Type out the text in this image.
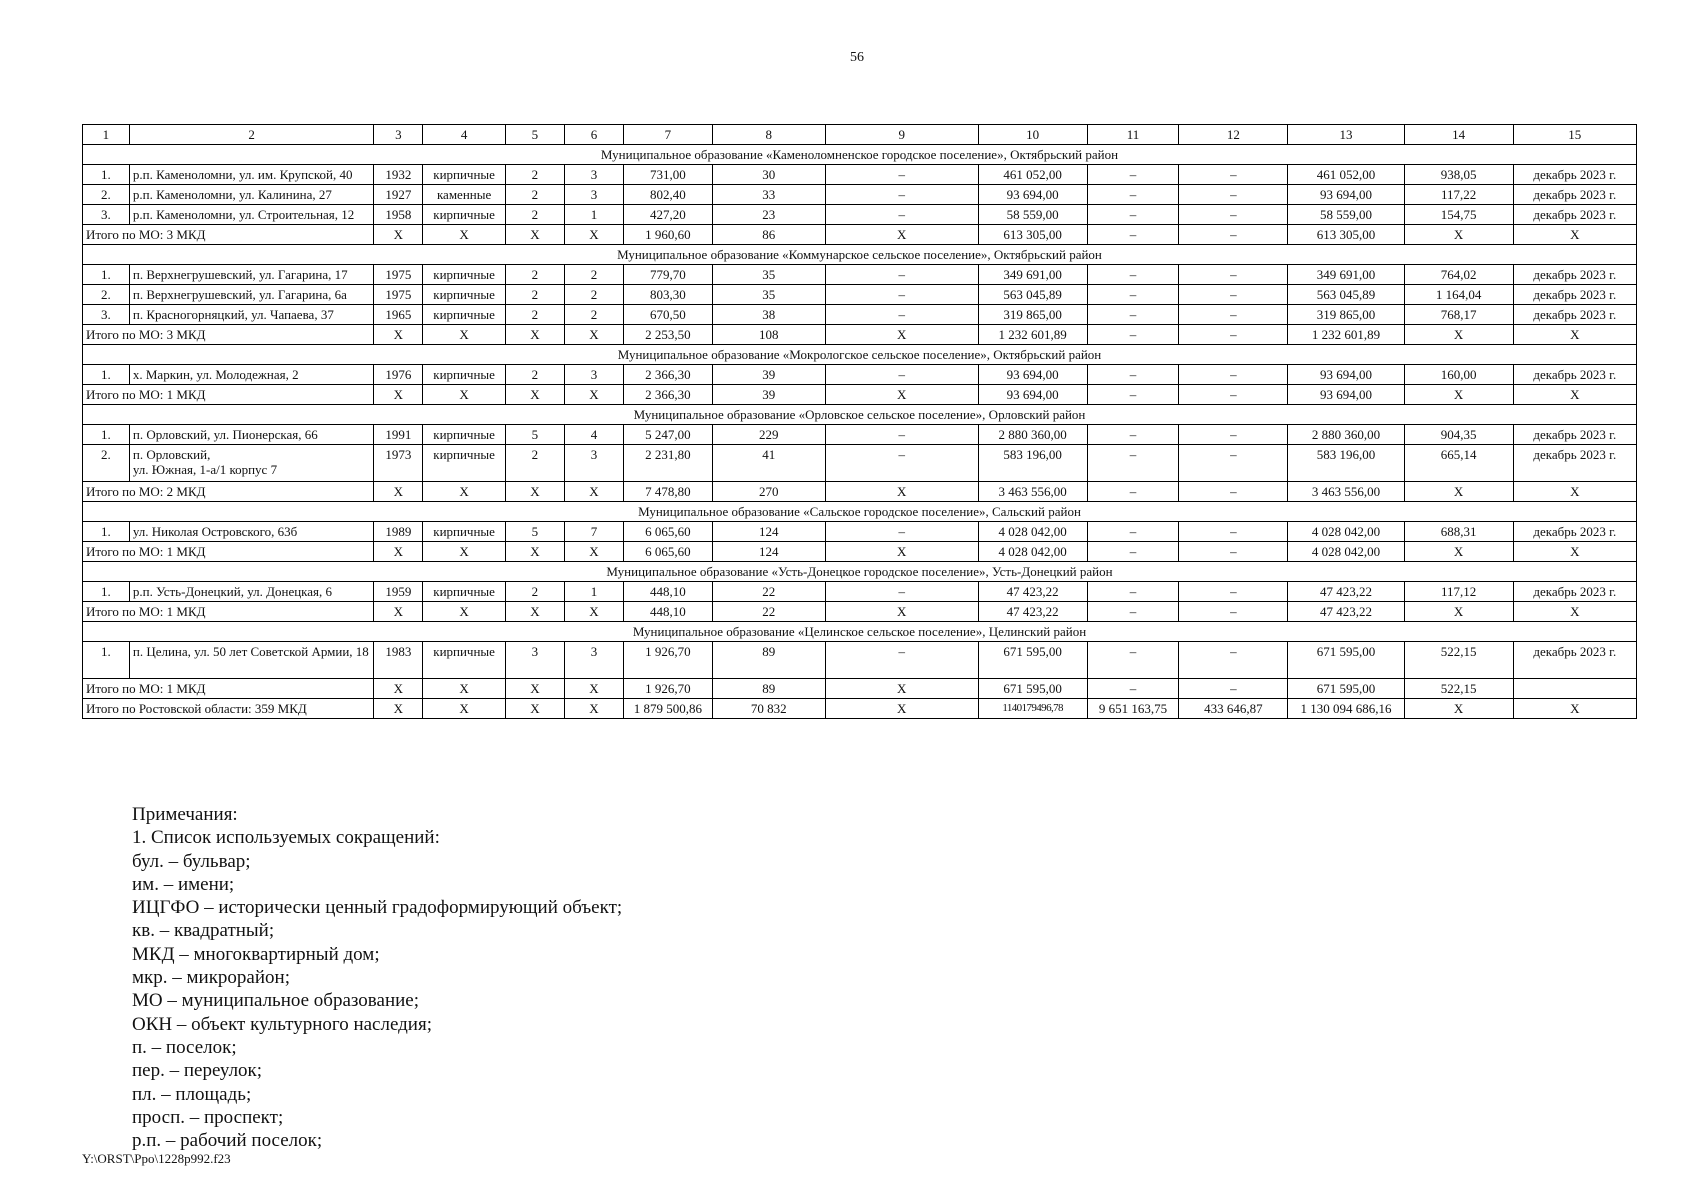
56
1	2	3	4	5	6	7	8	9	10	11	12	13	14	15
Муниципальное образование «Каменоломненское городское поселение», Октябрьский район														
1.	р.п. Каменоломни, ул. им. Крупской, 40	1932	кирпичные	2	3	731,00	30	–	461 052,00	–	–	461 052,00	938,05	декабрь 2023 г.
2.	р.п. Каменоломни, ул. Калинина, 27	1927	каменные	2	3	802,40	33	–	93 694,00	–	–	93 694,00	117,22	декабрь 2023 г.
3.	р.п. Каменоломни, ул. Строительная, 12	1958	кирпичные	2	1	427,20	23	–	58 559,00	–	–	58 559,00	154,75	декабрь 2023 г.
Итого по МО: 3 МКД		X	X	X	X	1 960,60	86	X	613 305,00	–	–	613 305,00	X	X
Муниципальное образование «Коммунарское сельское поселение», Октябрьский район														
1.	п. Верхнегрушевский, ул. Гагарина, 17	1975	кирпичные	2	2	779,70	35	–	349 691,00	–	–	349 691,00	764,02	декабрь 2023 г.
2.	п. Верхнегрушевский, ул. Гагарина, 6а	1975	кирпичные	2	2	803,30	35	–	563 045,89	–	–	563 045,89	1 164,04	декабрь 2023 г.
3.	п. Красногорняцкий, ул. Чапаева, 37	1965	кирпичные	2	2	670,50	38	–	319 865,00	–	–	319 865,00	768,17	декабрь 2023 г.
Итого по МО: 3 МКД		X	X	X	X	2 253,50	108	X	1 232 601,89	–	–	1 232 601,89	X	X
Муниципальное образование «Мокрологское сельское поселение», Октябрьский район														
1.	х. Маркин, ул. Молодежная, 2	1976	кирпичные	2	3	2 366,30	39	–	93 694,00	–	–	93 694,00	160,00	декабрь 2023 г.
Итого по МО: 1 МКД		X	X	X	X	2 366,30	39	X	93 694,00	–	–	93 694,00	X	X
Муниципальное образование «Орловское сельское поселение», Орловский район														
1.	п. Орловский, ул. Пионерская, 66	1991	кирпичные	5	4	5 247,00	229	–	2 880 360,00	–	–	2 880 360,00	904,35	декабрь 2023 г.
2.	п. Орловский,
ул. Южная, 1-а/1 корпус 7	1973	кирпичные	2	3	2 231,80	41	–	583 196,00	–	–	583 196,00	665,14	декабрь 2023 г.
Итого по МО: 2 МКД		X	X	X	X	7 478,80	270	X	3 463 556,00	–	–	3 463 556,00	X	X
Муниципальное образование «Сальское городское поселение», Сальский район														
1.	ул. Николая Островского, 63б	1989	кирпичные	5	7	6 065,60	124	–	4 028 042,00	–	–	4 028 042,00	688,31	декабрь 2023 г.
Итого по МО: 1 МКД		X	X	X	X	6 065,60	124	X	4 028 042,00	–	–	4 028 042,00	X	X
Муниципальное образование «Усть-Донецкое городское поселение», Усть-Донецкий район														
1.	р.п. Усть-Донецкий, ул. Донецкая, 6	1959	кирпичные	2	1	448,10	22	–	47 423,22	–	–	47 423,22	117,12	декабрь 2023 г.
Итого по МО: 1 МКД		X	X	X	X	448,10	22	X	47 423,22	–	–	47 423,22	X	X
Муниципальное образование «Целинское сельское поселение», Целинский район														
1.	п. Целина, ул. 50 лет Советской Армии, 18	1983	кирпичные	3	3	1 926,70	89	–	671 595,00	–	–	671 595,00	522,15	декабрь 2023 г.
Итого по МО: 1 МКД		X	X	X	X	1 926,70	89	X	671 595,00	–	–	671 595,00	522,15	
Итого по Ростовской области: 359 МКД		X	X	X	X	1 879 500,86	70 832	X	1140179496,78	9 651 163,75	433 646,87	1 130 094 686,16	X	X
Примечания:
1. Список используемых сокращений:
бул. – бульвар;
им. – имени;
ИЦГФО – исторически ценный градоформирующий объект;
кв. – квадратный;
МКД – многоквартирный дом;
мкр. – микрорайон;
МО – муниципальное образование;
ОКН – объект культурного наследия;
п. – поселок;
пер. – переулок;
пл. – площадь;
просп. – проспект;
р.п. – рабочий поселок;
Y:\ORST\Ppo\1228p992.f23
